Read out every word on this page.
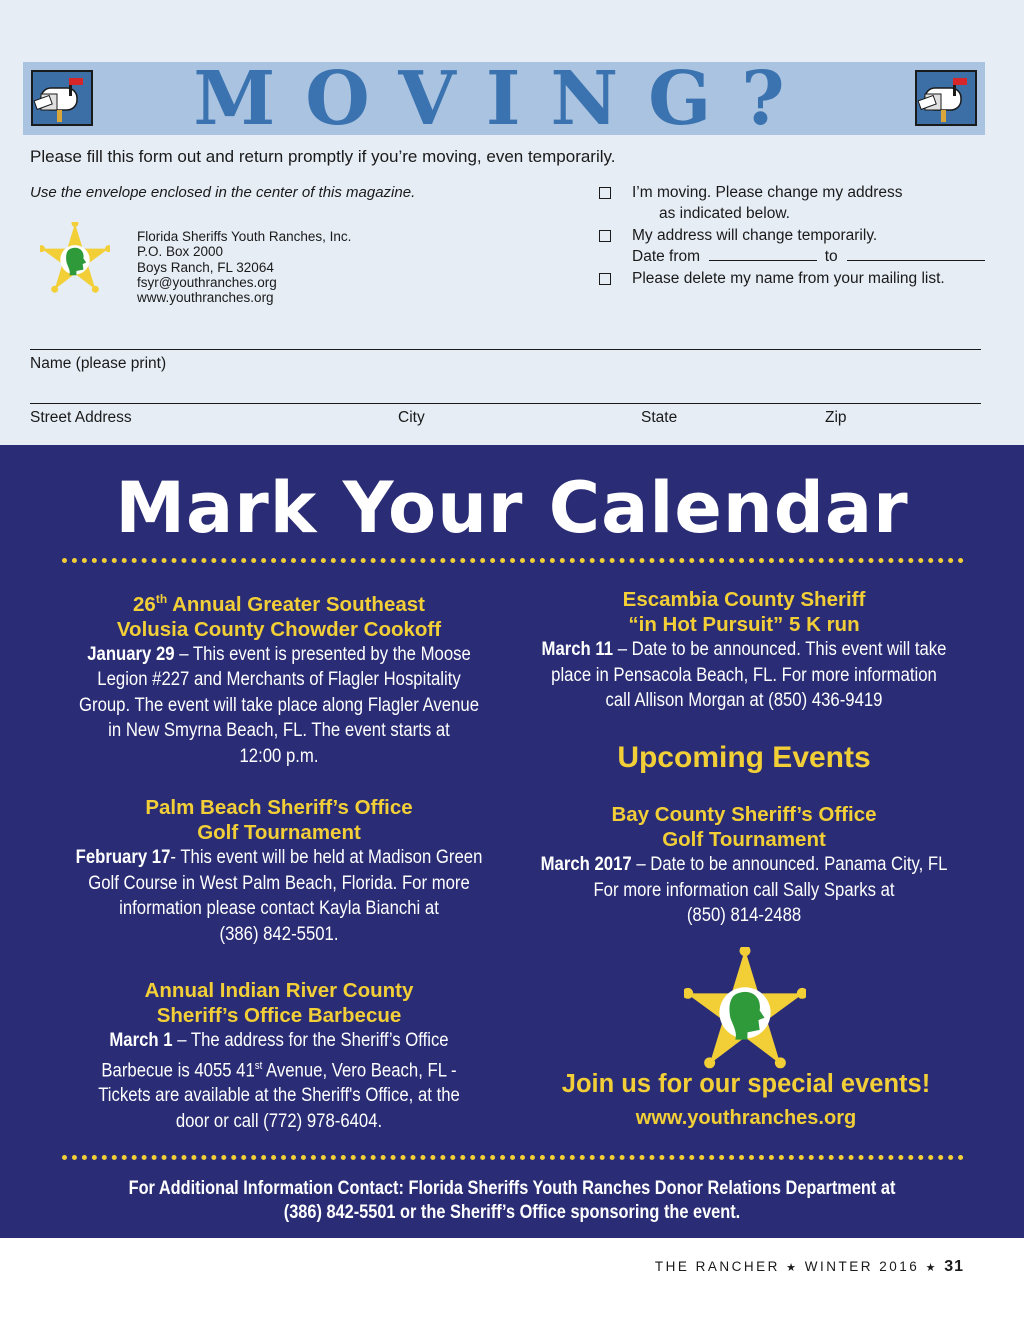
MOVING?
Please fill this form out and return promptly if you’re moving, even temporarily.
Use the envelope enclosed in the center of this magazine.
Florida Sheriffs Youth Ranches, Inc.
P.O. Box 2000
Boys Ranch, FL 32064
fsyr@youthranches.org
www.youthranches.org
I’m moving. Please change my address
as indicated below.
My address will change temporarily.
Date from	to
Please delete my name from your mailing list.
Name (please print)
Street Address	City	State	Zip
Mark Your Calendar
26th Annual Greater Southeast
Volusia County Chowder Cookoff
January 29 – This event is presented by the Moose
Legion #227 and Merchants of Flagler Hospitality
Group. The event will take place along Flagler Avenue
in New Smyrna Beach, FL. The event starts at
12:00 p.m.
Palm Beach Sheriff’s Office
Golf Tournament
February 17- This event will be held at Madison Green
Golf Course in West Palm Beach, Florida. For more
information please contact Kayla Bianchi at
(386) 842-5501.
Annual Indian River County
Sheriff’s Office Barbecue
March 1 – The address for the Sheriff’s Office
Barbecue is 4055 41st Avenue, Vero Beach, FL -
Tickets are available at the Sheriff's Office, at the
door or call (772) 978-6404.
Escambia County Sheriff
“in Hot Pursuit” 5 K run
March 11 – Date to be announced. This event will take
place in Pensacola Beach, FL. For more information
call Allison Morgan at (850) 436-9419
Upcoming Events
Bay County Sheriff’s Office
Golf Tournament
March 2017 – Date to be announced. Panama City, FL
For more information call Sally Sparks at
(850) 814-2488
Join us for our special events!
www.youthranches.org
For Additional Information Contact: Florida Sheriffs Youth Ranches Donor Relations Department at
(386) 842-5501 or the Sheriff’s Office sponsoring the event.
THE RANCHER ★ WINTER 2016 ★ 31
